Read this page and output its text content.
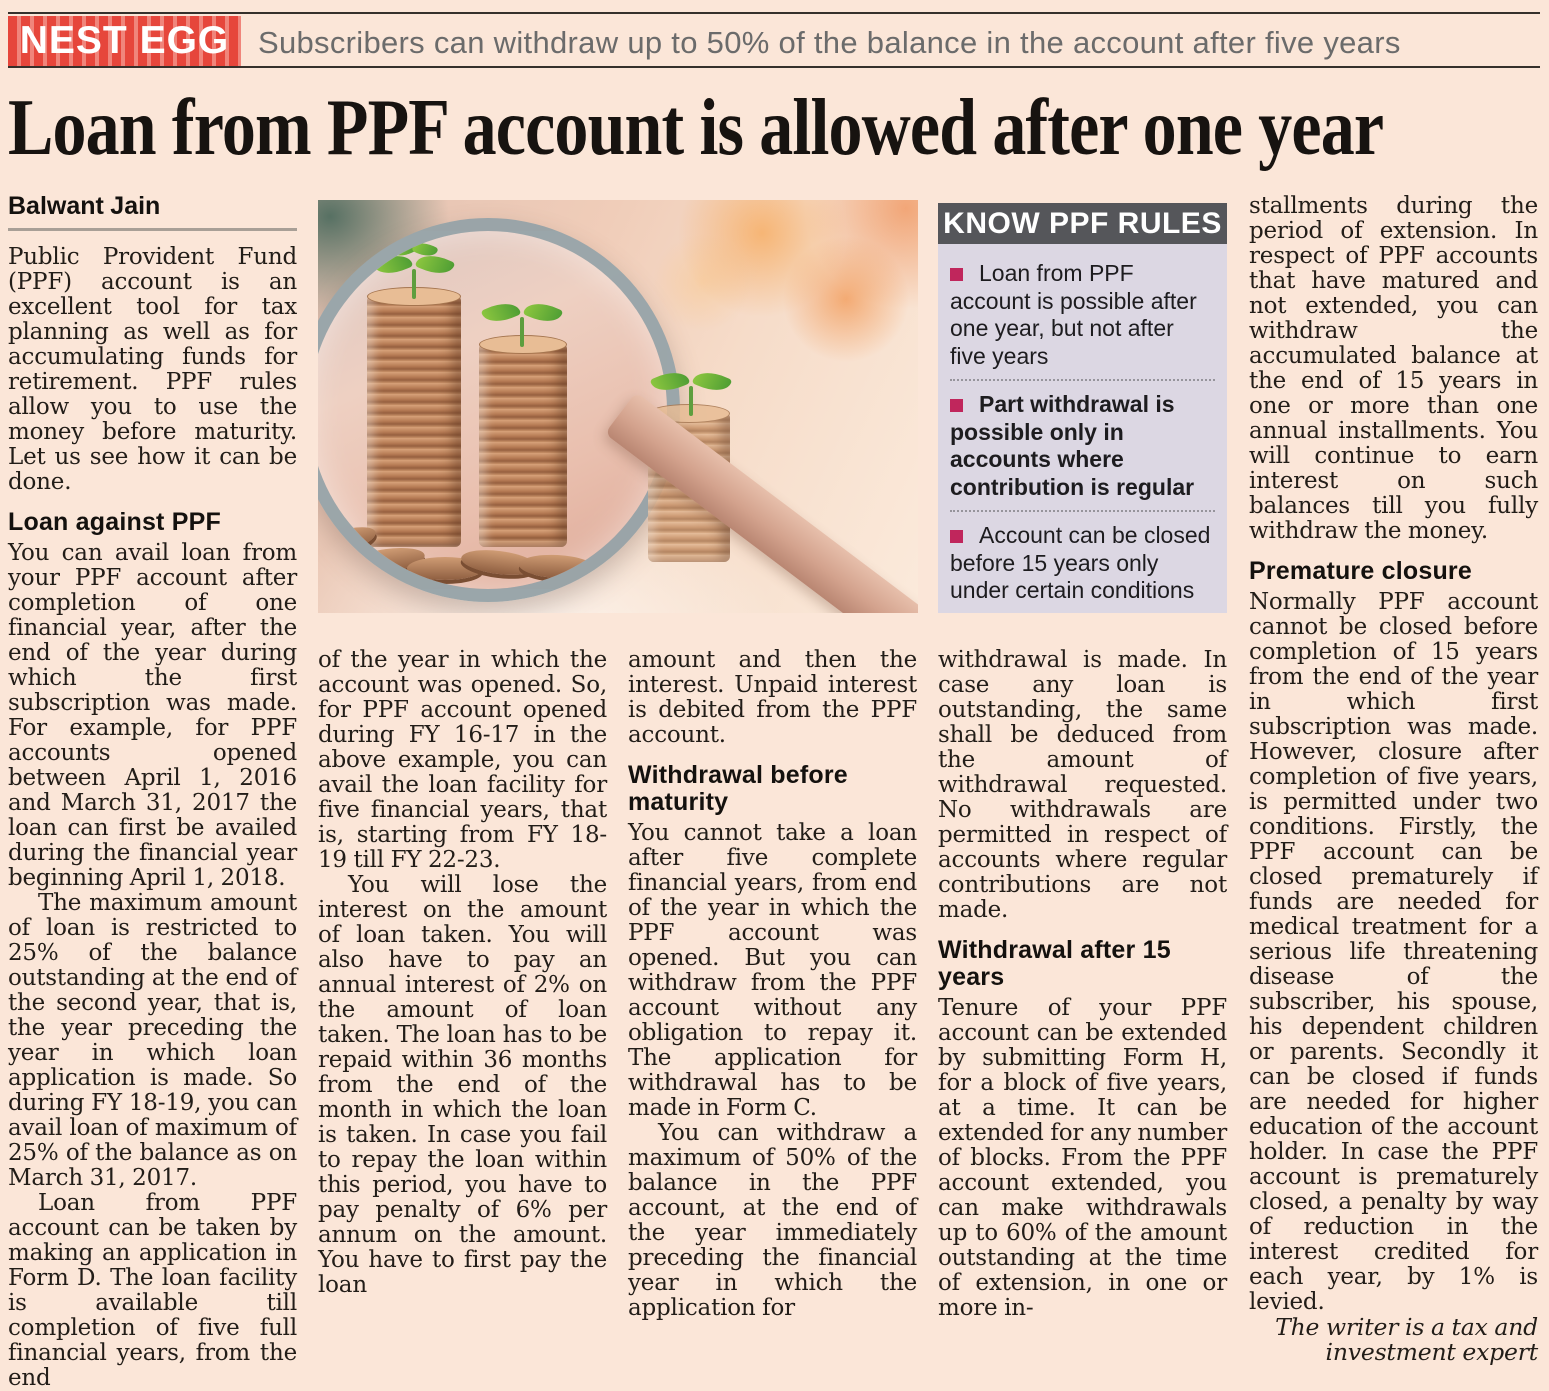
NEST EGG Subscribers can withdraw up to 50% of the balance in the account after five years
Loan from PPF account is allowed after one year
KNOW PPF RULES
Loan from PPF account is possible after one year, but not after five years
Part withdrawal is possible only in accounts where contribution is regular
Account can be closed before 15 years only under certain conditions
Balwant Jain

Public Provident Fund (PPF) account is an excellent tool for tax planning as well as for accumulating funds for retirement. PPF rules allow you to use the money before maturity. Let us see how it can be done.

Loan against PPF

You can avail loan from your PPF account after completion of one financial year, after the end of the year during which the first subscription was made. For example, for PPF accounts opened between April 1, 2016 and March 31, 2017 the loan can first be availed during the financial year beginning April 1, 2018.

The maximum amount of loan is restricted to 25% of the balance outstanding at the end of the second year, that is, the year preceding the year in which loan application is made. So during FY 18-19, you can avail loan of maximum of 25% of the balance as on March 31, 2017.

Loan from PPF account can be taken by making an application in Form D. The loan facility is available till completion of five full financial years, from the end

of the year in which the account was opened. So, for PPF account opened during FY 16-17 in the above example, you can avail the loan facility for five financial years, that is, starting from FY 18-19 till FY 22-23.

You will lose the interest on the amount of loan taken. You will also have to pay an annual interest of 2% on the amount of loan taken. The loan has to be repaid within 36 months from the end of the month in which the loan is taken. In case you fail to repay the loan within this period, you have to pay penalty of 6% per annum on the amount. You have to first pay the loan

amount and then the interest. Unpaid interest is debited from the PPF account.

Withdrawal before maturity

You cannot take a loan after five complete financial years, from end of the year in which the PPF account was opened. But you can withdraw from the PPF account without any obligation to repay it. The application for withdrawal has to be made in Form C.

You can withdraw a maximum of 50% of the balance in the PPF account, at the end of the year immediately preceding the financial year in which the application for

withdrawal is made. In case any loan is outstanding, the same shall be deduced from the amount of withdrawal requested. No withdrawals are permitted in respect of accounts where regular contributions are not made.

Withdrawal after 15 years

Tenure of your PPF account can be extended by submitting Form H, for a block of five years, at a time. It can be extended for any number of blocks. From the PPF account extended, you can make withdrawals up to 60% of the amount outstanding at the time of extension, in one or more in-

stallments during the period of extension. In respect of PPF accounts that have matured and not extended, you can withdraw the accumulated balance at the end of 15 years in one or more than one annual installments. You will continue to earn interest on such balances till you fully withdraw the money.

Premature closure

Normally PPF account cannot be closed before completion of 15 years from the end of the year in which first subscription was made. However, closure after completion of five years, is permitted under two conditions. Firstly, the PPF account can be closed prematurely if funds are needed for medical treatment for a serious life threatening disease of the subscriber, his spouse, his dependent children or parents. Secondly it can be closed if funds are needed for higher education of the account holder. In case the PPF account is prematurely closed, a penalty by way of reduction in the interest credited for each year, by 1% is levied.

The writer is a tax and investment expert
